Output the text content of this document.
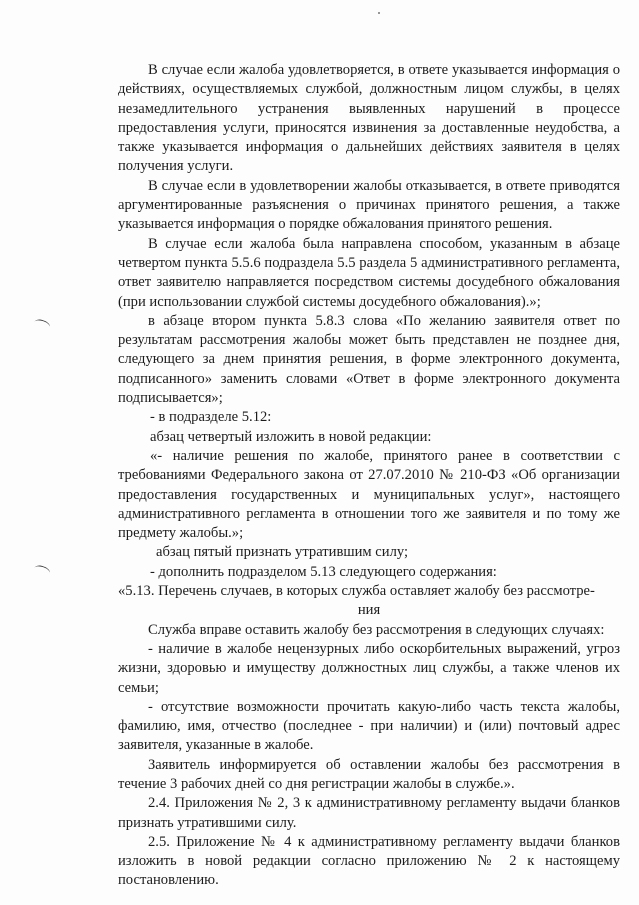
В случае если жалоба удовлетворяется, в ответе указывается информация о действиях, осуществляемых службой, должностным лицом службы, в целях незамедлительного устранения выявленных нарушений в процессе предоставления услуги, приносятся извинения за доставленные неудобства, а также указывается информация о дальнейших действиях заявителя в целях получения услуги.

В случае если в удовлетворении жалобы отказывается, в ответе приводятся аргументированные разъяснения о причинах принятого решения, а также указывается информация о порядке обжалования принятого решения.

В случае если жалоба была направлена способом, указанным в абзаце четвертом пункта 5.5.6 подраздела 5.5 раздела 5 административного регламента, ответ заявителю направляется посредством системы досудебного обжалования (при использовании службой системы досудебного обжалования).»;

в абзаце втором пункта 5.8.3 слова «По желанию заявителя ответ по результатам рассмотрения жалобы может быть представлен не позднее дня, следующего за днем принятия решения, в форме электронного документа, подписанного» заменить словами «Ответ в форме электронного документа подписывается»;

- в подразделе 5.12:

абзац четвертый изложить в новой редакции:

«- наличие решения по жалобе, принятого ранее в соответствии с требованиями Федерального закона от 27.07.2010 № 210-ФЗ «Об организации предоставления государственных и муниципальных услуг», настоящего административного регламента в отношении того же заявителя и по тому же предмету жалобы.»;

абзац пятый признать утратившим силу;

- дополнить подразделом 5.13 следующего содержания:

«5.13. Перечень случаев, в которых служба оставляет жалобу без рассмотре-
ния

Служба вправе оставить жалобу без рассмотрения в следующих случаях:

- наличие в жалобе нецензурных либо оскорбительных выражений, угроз жизни, здоровью и имуществу должностных лиц службы, а также членов их семьи;

- отсутствие возможности прочитать какую-либо часть текста жалобы, фамилию, имя, отчество (последнее - при наличии) и (или) почтовый адрес заявителя, указанные в жалобе.

Заявитель информируется об оставлении жалобы без рассмотрения в течение 3 рабочих дней со дня регистрации жалобы в службе.».

2.4. Приложения № 2, 3 к административному регламенту выдачи бланков признать утратившими силу.

2.5. Приложение № 4 к административному регламенту выдачи бланков изложить в новой редакции согласно приложению № 2 к настоящему постановлению.
